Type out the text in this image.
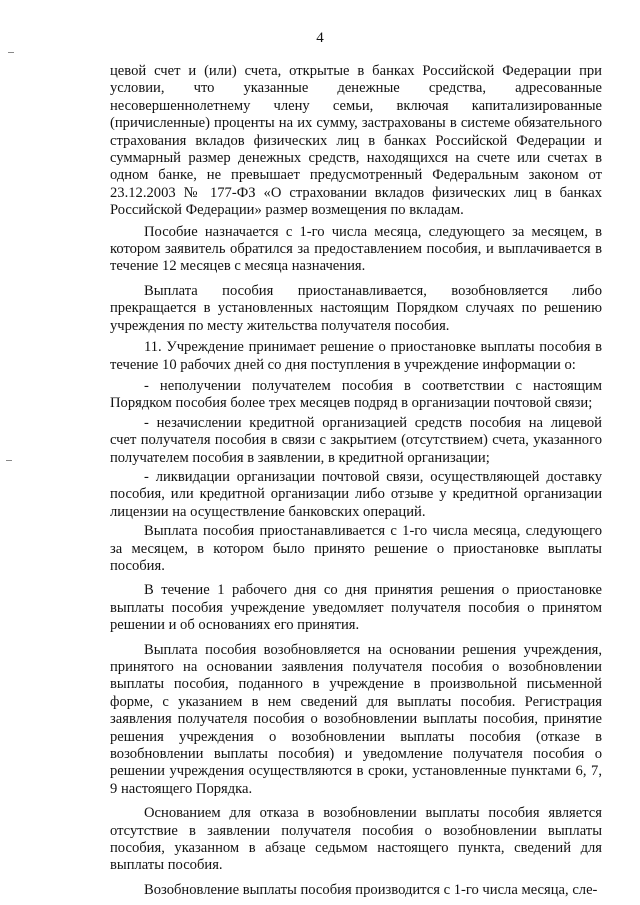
4

цевой счет и (или) счета, открытые в банках Российской Федерации при условии, что указанные денежные средства, адресованные несовершеннолетнему члену семьи, включая капитализированные (причисленные) проценты на их сумму, застрахованы в системе обязательного страхования вкладов физических лиц в банках Российской Федерации и суммарный размер денежных средств, находящихся на счете или счетах в одном банке, не превышает предусмотренный Федеральным законом от 23.12.2003 № 177-ФЗ «О страховании вкладов физических лиц в банках Российской Федерации» размер возмещения по вкладам.

Пособие назначается с 1-го числа месяца, следующего за месяцем, в котором заявитель обратился за предоставлением пособия, и выплачивается в течение 12 месяцев с месяца назначения.

Выплата пособия приостанавливается, возобновляется либо прекращается в установленных настоящим Порядком случаях по решению учреждения по месту жительства получателя пособия.

11. Учреждение принимает решение о приостановке выплаты пособия в течение 10 рабочих дней со дня поступления в учреждение информации о:

- неполучении получателем пособия в соответствии с настоящим Порядком пособия более трех месяцев подряд в организации почтовой связи;

- незачислении кредитной организацией средств пособия на лицевой счет получателя пособия в связи с закрытием (отсутствием) счета, указанного получателем пособия в заявлении, в кредитной организации;

- ликвидации организации почтовой связи, осуществляющей доставку пособия, или кредитной организации либо отзыве у кредитной организации лицензии на осуществление банковских операций.

Выплата пособия приостанавливается с 1-го числа месяца, следующего за месяцем, в котором было принято решение о приостановке выплаты пособия.

В течение 1 рабочего дня со дня принятия решения о приостановке выплаты пособия учреждение уведомляет получателя пособия о принятом решении и об основаниях его принятия.

Выплата пособия возобновляется на основании решения учреждения, принятого на основании заявления получателя пособия о возобновлении выплаты пособия, поданного в учреждение в произвольной письменной форме, с указанием в нем сведений для выплаты пособия. Регистрация заявления получателя пособия о возобновлении выплаты пособия, принятие решения учреждения о возобновлении выплаты пособия (отказе в возобновлении выплаты пособия) и уведомление получателя пособия о решении учреждения осуществляются в сроки, установленные пунктами 6, 7, 9 настоящего Порядка.

Основанием для отказа в возобновлении выплаты пособия является отсутствие в заявлении получателя пособия о возобновлении выплаты пособия, указанном в абзаце седьмом настоящего пункта, сведений для выплаты пособия.

Возобновление выплаты пособия производится с 1-го числа месяца, сле-
